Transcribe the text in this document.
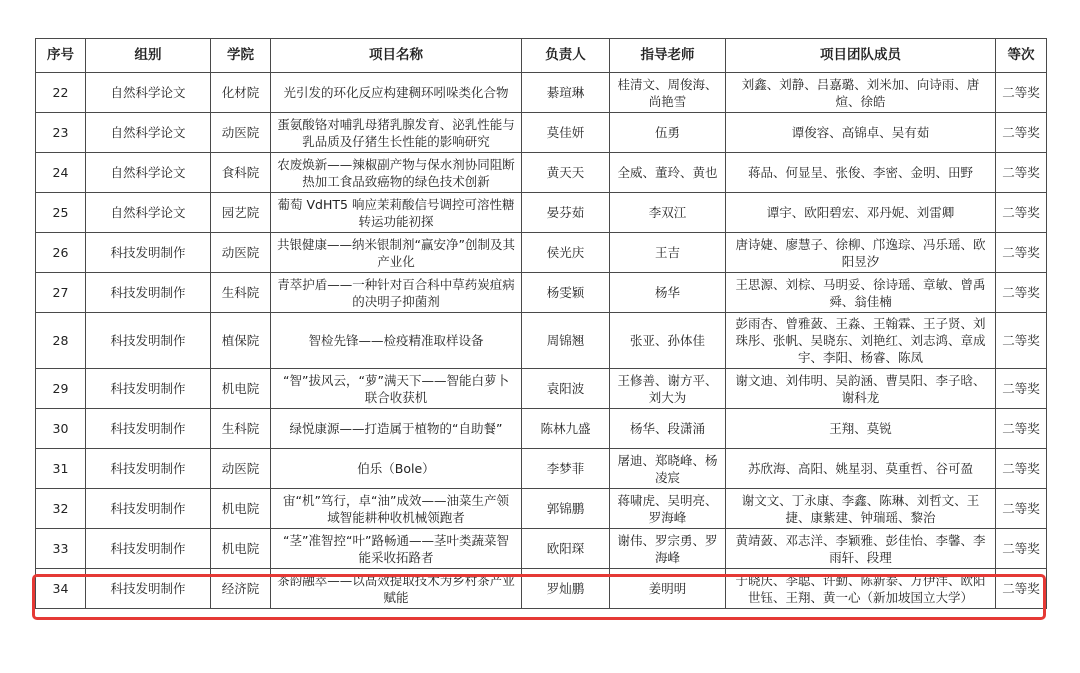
序号	组别	学院	项目名称	负责人	指导老师	项目团队成员	等次
22	自然科学论文	化材院	光引发的环化反应构建稠环吲哚类化合物	綦瑄琳	桂清文、周俊海、尚艳雪	刘鑫、刘静、吕嘉璐、刘米加、向诗雨、唐煊、徐皓	二等奖
23	自然科学论文	动医院	蛋氨酸铬对哺乳母猪乳腺发育、泌乳性能与乳品质及仔猪生长性能的影响研究	莫佳妍	伍勇	谭俊容、高锦卓、吴有茹	二等奖
24	自然科学论文	食科院	农废焕新——辣椒副产物与保水剂协同阻断热加工食品致癌物的绿色技术创新	黄天天	全威、董玲、黄也	蒋品、何显呈、张俊、李密、金明、田野	二等奖
25	自然科学论文	园艺院	葡萄 VdHT5 响应茉莉酸信号调控可溶性糖转运功能初探	晏芬茹	李双江	谭宇、欧阳碧宏、邓丹妮、刘雷卿	二等奖
26	科技发明制作	动医院	共银健康——纳米银制剂“赢安净”创制及其产业化	侯光庆	王吉	唐诗婕、廖慧子、徐柳、邝逸琮、冯乐瑶、欧阳昱汐	二等奖
27	科技发明制作	生科院	青萃护盾——一种针对百合科中草药炭疽病的决明子抑菌剂	杨雯颖	杨华	王思源、刘棕、马明妥、徐诗瑶、章敏、曾禹舜、翁佳楠	二等奖
28	科技发明制作	植保院	智检先锋——检疫精准取样设备	周锦翘	张亚、孙体佳	彭雨杏、曾雅蔹、王淼、王翰霖、王子贤、刘珠彤、张帆、吴晓东、刘艳红、刘志鸿、章成宇、李阳、杨睿、陈凤	二等奖
29	科技发明制作	机电院	“智”拔风云，“萝”满天下——智能白萝卜联合收获机	袁阳波	王修善、谢方平、刘大为	谢文迪、刘伟明、吴韵涵、曹昊阳、李子晗、谢科龙	二等奖
30	科技发明制作	生科院	绿悦康源——打造属于植物的“自助餐”	陈林九盛	杨华、段潇涌	王翔、莫锐	二等奖
31	科技发明制作	动医院	伯乐（Bole）	李梦菲	屠迪、郑晓峰、杨凌宸	苏欣海、高阳、姚星羽、莫重哲、谷可盈	二等奖
32	科技发明制作	机电院	宙“机”笃行，卓“油”成效——油菜生产领域智能耕种收机械领跑者	郭锦鹏	蒋啸虎、吴明亮、罗海峰	谢文文、丁永康、李鑫、陈琳、刘哲文、王捷、康紫建、钟瑞瑶、黎治	二等奖
33	科技发明制作	机电院	“茎”准智控“叶”路畅通——茎叶类蔬菜智能采收拓路者	欧阳琛	谢伟、罗宗勇、罗海峰	黄靖蔹、邓志洋、李颖雅、彭佳怡、李馨、李雨轩、段理	二等奖
34	科技发明制作	经济院	茶韵融萃——以高效提取技术为乡村茶产业赋能	罗灿鹏	姜明明	于晓庆、李聪、许勤、陈新泰、万伊洋、欧阳世钰、王翔、黄一心（新加坡国立大学）	二等奖
